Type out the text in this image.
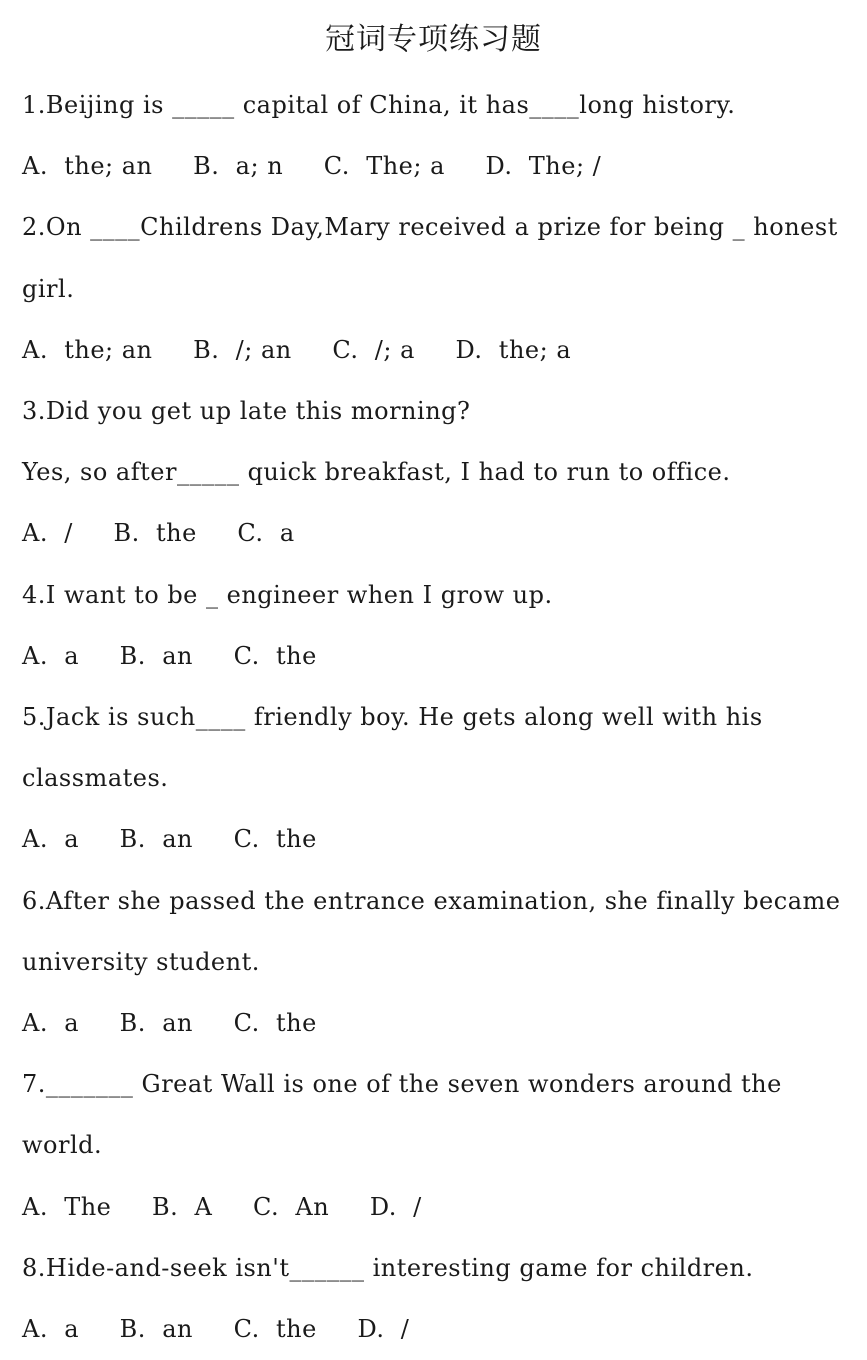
冠词专项练习题
1.Beijing is _____ capital of China, it has____long history.
A.  the; an     B.  a; n     C.  The; a     D.  The; /
2.On ____Childrens Day,Mary received a prize for being _ honest
girl.
A.  the; an     B.  /; an     C.  /; a     D.  the; a
3.Did you get up late this morning?
Yes, so after_____ quick breakfast, I had to run to office.
A.  /     B.  the     C.  a
4.I want to be _ engineer when I grow up.
A.  a     B.  an     C.  the
5.Jack is such____ friendly boy. He gets along well with his
classmates.
A.  a     B.  an     C.  the
6.After she passed the entrance examination, she finally became
university student.
A.  a     B.  an     C.  the
7._______ Great Wall is one of the seven wonders around the
world.
A.  The     B.  A     C.  An     D.  /
8.Hide-and-seek isn't______ interesting game for children.
A.  a     B.  an     C.  the     D.  /
